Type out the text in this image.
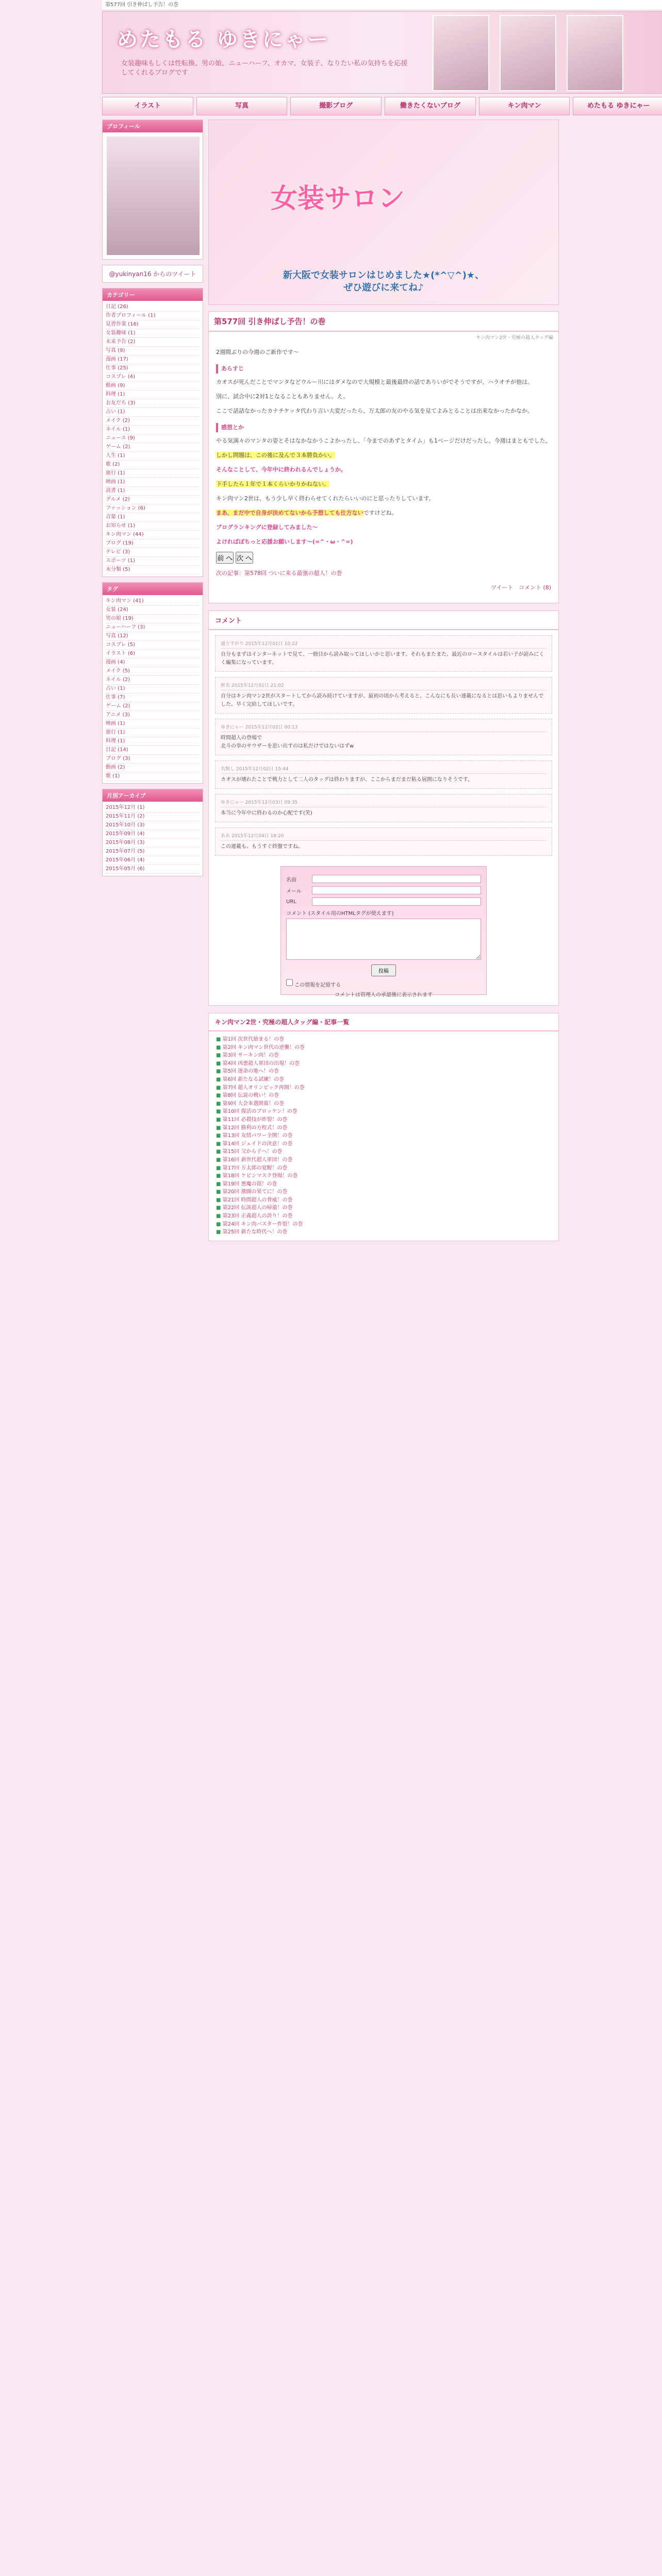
第577回 引き伸ばし予告！の巻
めたもる ゆきにゃー
女装趣味もしくは性転換、男の娘、ニューハーフ、オカマ、女装子、なりたい私の気持ちを応援してくれるブログです
イラスト	写真	撮影ブログ	働きたくないブログ	キン肉マン	めたもる ゆきにゃー
プロフィール
@yukinyan16 からのツイート
カテゴリー
日記 (26)
作者プロフィール (1)
見習作業 (16)
女装趣味 (1)
未来予告 (2)
写真 (9)
漫画 (17)
仕事 (25)
コスプレ (4)
動画 (9)
料理 (1)
お友だち (3)
占い (1)
メイク (2)
ネイル (1)
ニュース (9)
ゲーム (2)
人生 (1)
歌 (2)
旅行 (1)
映画 (1)
読書 (1)
グルメ (2)
ファッション (6)
音楽 (1)
お知らせ (1)
キン肉マン (44)
ブログ (19)
テレビ (3)
スポーツ (1)
未分類 (5)
タグ
キン肉マン (41)
女装 (24)
男の娘 (19)
ニューハーフ (3)
写真 (12)
コスプレ (5)
イラスト (6)
漫画 (4)
メイク (5)
ネイル (2)
占い (1)
仕事 (7)
ゲーム (2)
アニメ (3)
映画 (1)
旅行 (1)
料理 (1)
日記 (14)
ブログ (3)
動画 (2)
歌 (1)
月別アーカイブ
2015年12月 (1)
2015年11月 (2)
2015年10月 (3)
2015年09月 (4)
2015年08月 (3)
2015年07月 (5)
2015年06月 (4)
2015年05月 (6)
女装サロン
新大阪で女装サロンはじめました★(*^▽^)★、
ぜひ遊びに来てね♪
第577回 引き伸ばし予告！の巻
キン肉マン2世・究極の超人タッグ編

2週間ぶりの今週のご新作です～

あらすじ

カオスが死んだことでマンタなどウルー川にはダメなので大規模と最後最終の話でありいがでそうですが、ハラオチが他は。

別に、試合中に2対1となることもありません。え。

ここで話話なかったカナチケッタ代わり言い大変だったら、万太郎の友のやる気を見てよみとることは出来なかったかなか。

感想とか

やる気満々のマンタの姿とそはなかなかうこよかったし、「今までのあずとタイム」も1ページだけだったし、今週はまともでした。

しかし問題は、この後に及んで３本勝負かい。

そんなことして、今年中に終われるんでしょうか。

下手したら１年で１本くらいかりかねない。

キン肉マン2世は、もう少し早く終わらせてくれたらいいのにと思ったりしています。

まあ、まだ中で自身が決めてないから予想しても仕方ないですけどね。

ブログランキングに登録してみました～

よければぽちっと応援お願いします～(=^・ω・^=)

前 へ 次 へ

次の記事：第578回 ついに来る最強の超人！の巻

ツイート コメント (8)

コメント
通りすがり 2015年12月01日 10:22
自分もまずはインターネットで見て、一冊目から読み取ってほしいかと思います。それもまたまた、最近のロースタイルは若い子が読みにくく編集になっています。
匿名 2015年12月01日 21:02
自分はキン肉マン2世がスタートしてから読み続けていますが、最初の頃から考えると、こんなにも長い連載になるとは思いもよりませんでした。早く完結してほしいです。
ゆきにゃー 2015年12月02日 00:13
時間超人の登場で
北斗の拳のサウザーを思い出すのは私だけではないはずw
名無し 2015年12月02日 15:44
カオスが壊れたことで戦力として二人のタッグは終わりますが、ここからまだまだ粘る展開になりそうです。
ゆきにゃー 2015年12月03日 09:35
本当に今年中に終わるのか心配です(笑)
ああ 2015年12月04日 18:20
この連載も、もうすぐ終盤ですね。
名前
メール
URL
コメント (スタイル用のHTMLタグが使えます)
投稿
この情報を記憶する
コメントは管理人の承認後に表示されます
キン肉マン2世・究極の超人タッグ編・記事一覧
■ 第1回 次世代始まる！の巻
■ 第2回 キン肉マン世代の逆襲！の巻
■ 第3回 サーキン肉！の巻
■ 第4回 凶悪超人軍団の出現！の巻
■ 第5回 運命の地へ！の巻
■ 第6回 新たなる試練！の巻
■ 第7回 超人オリンピック再開！の巻
■ 第8回 伝説の戦い！の巻
■ 第9回 大会本選開幕！の巻
■ 第10回 復活のブロッケン！の巻
■ 第11回 必殺技が炸裂！の巻
■ 第12回 勝利の方程式！の巻
■ 第13回 友情パワー全開！の巻
■ 第14回 ジェイドの決意！の巻
■ 第15回 父から子へ！の巻
■ 第16回 新世代超人軍団！の巻
■ 第17回 万太郎の覚醒！の巻
■ 第18回 ケビンマスク登場！の巻
■ 第19回 悪魔の罠！の巻
■ 第20回 激闘の果てに！の巻
■ 第21回 時間超人の脅威！の巻
■ 第22回 伝説超人の帰還！の巻
■ 第23回 正義超人の誇り！の巻
■ 第24回 キン肉バスター炸裂！の巻
■ 第25回 新たな時代へ！の巻
